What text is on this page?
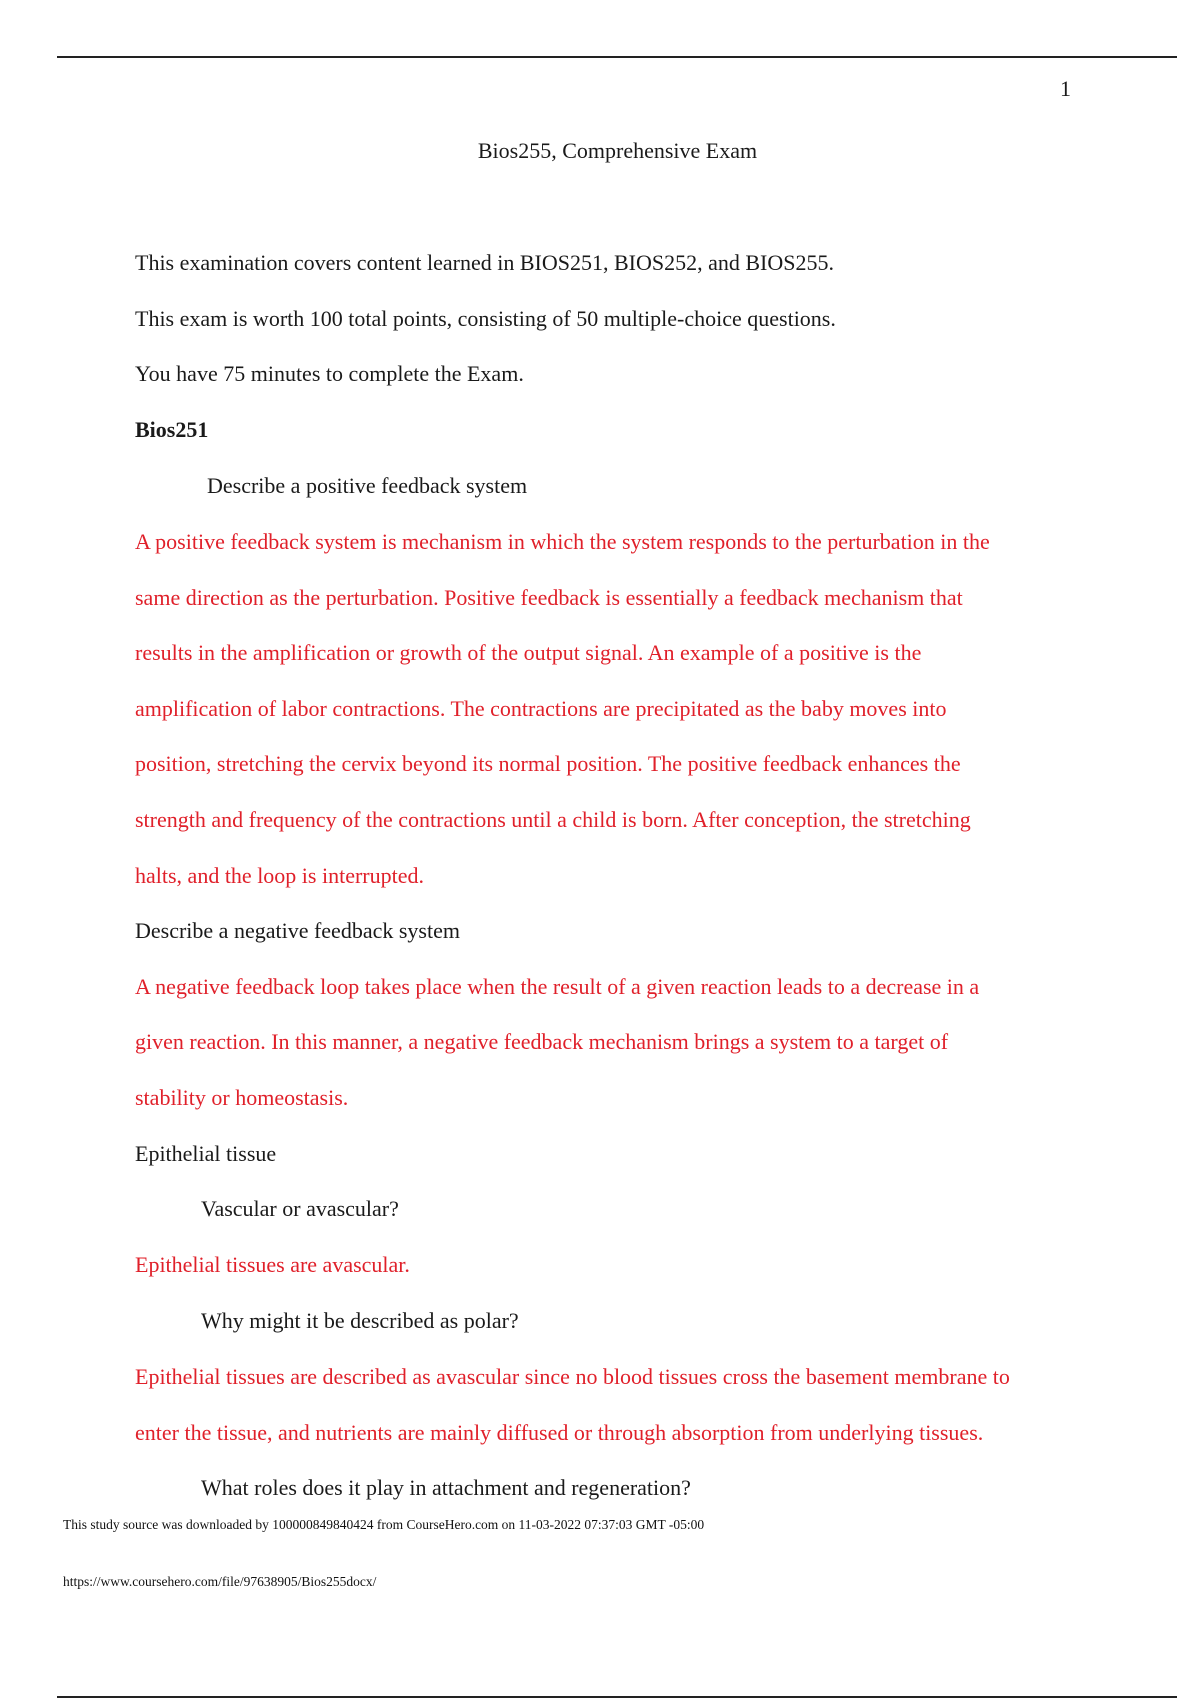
1
Bios255, Comprehensive Exam
This examination covers content learned in BIOS251, BIOS252, and BIOS255.
This exam is worth 100 total points, consisting of 50 multiple-choice questions.
You have 75 minutes to complete the Exam.
Bios251
Describe a positive feedback system
A positive feedback system is mechanism in which the system responds to the perturbation in the
same direction as the perturbation. Positive feedback is essentially a feedback mechanism that
results in the amplification or growth of the output signal. An example of a positive is the
amplification of labor contractions. The contractions are precipitated as the baby moves into
position, stretching the cervix beyond its normal position. The positive feedback enhances the
strength and frequency of the contractions until a child is born. After conception, the stretching
halts, and the loop is interrupted.
Describe a negative feedback system
A negative feedback loop takes place when the result of a given reaction leads to a decrease in a
given reaction. In this manner, a negative feedback mechanism brings a system to a target of
stability or homeostasis.
Epithelial tissue
Vascular or avascular?
Epithelial tissues are avascular.
Why might it be described as polar?
Epithelial tissues are described as avascular since no blood tissues cross the basement membrane to
enter the tissue, and nutrients are mainly diffused or through absorption from underlying tissues.
What roles does it play in attachment and regeneration?
This study source was downloaded by 100000849840424 from CourseHero.com on 11-03-2022 07:37:03 GMT -05:00
https://www.coursehero.com/file/97638905/Bios255docx/
